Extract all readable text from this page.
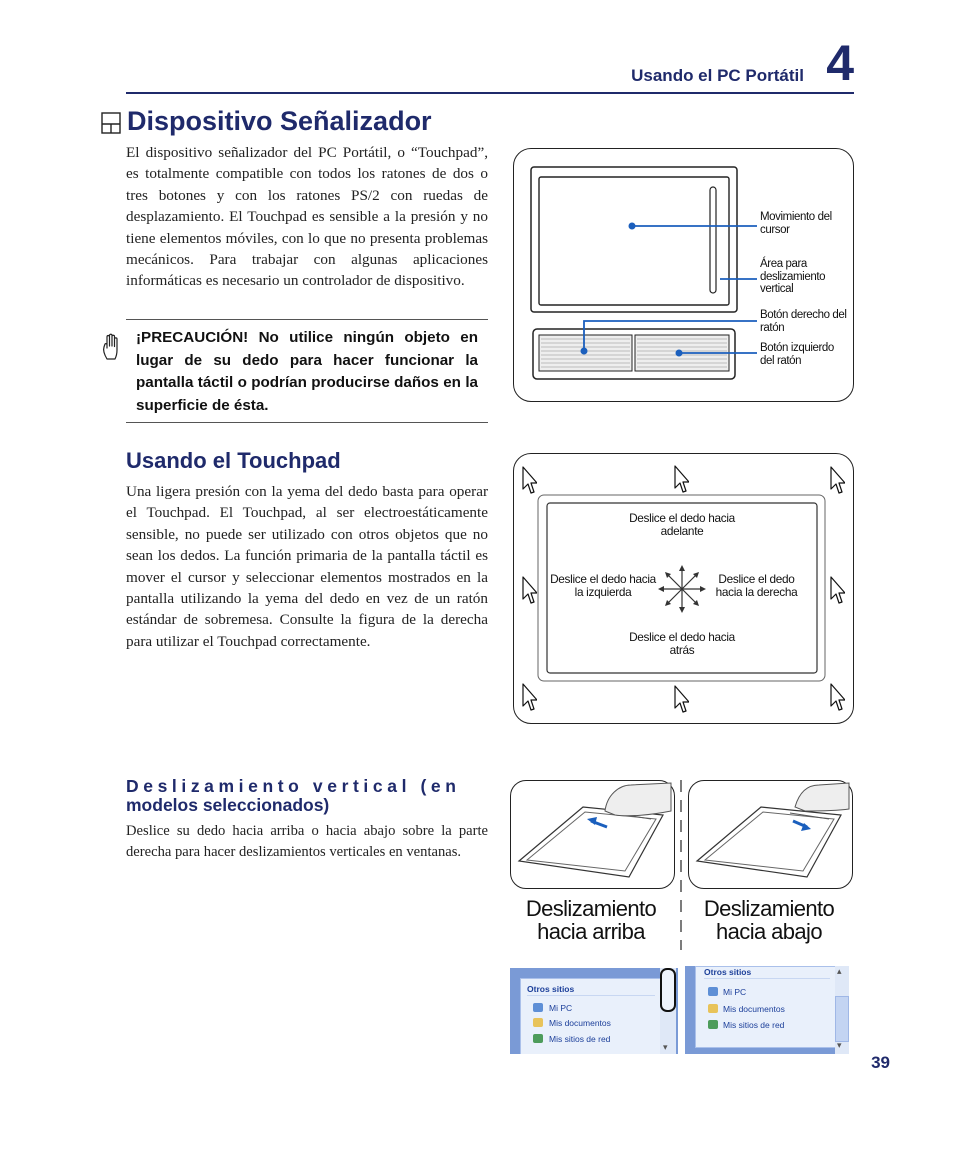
Usando el PC Portátil 4
Dispositivo Señalizador
El dispositivo señalizador del PC Portátil, o “Touchpad”, es totalmente compatible con todos los ratones de dos o tres botones y con los ratones PS/2 con ruedas de desplazamiento. El Touchpad es sensible a la presión y no tiene elementos móviles, con lo que no presenta problemas mecánicos. Para trabajar con algunas aplicaciones informáticas es necesario un controlador de dispositivo.
¡PRECAUCIÓN! No utilice ningún objeto en lugar de su dedo para hacer funcionar la pantalla táctil o podrían producirse daños en la superficie de ésta.
Movimiento del cursor
Área para deslizamiento vertical
Botón derecho del ratón
Botón izquierdo del ratón
Usando el Touchpad
Una ligera presión con la yema del dedo basta para operar el Touchpad. El Touchpad, al ser electroestáticamente sensible, no puede ser utilizado con otros objetos que no sean los dedos. La función primaria de la pantalla táctil es mover el cursor y seleccionar elementos mostrados en la pantalla utilizando la yema del dedo en vez de un ratón estándar de sobremesa. Consulte la figura de la derecha para utilizar el Touchpad correctamente.
Deslice el dedo hacia adelante
Deslice el dedo hacia la izquierda
Deslice el dedo hacia la derecha
Deslice el dedo hacia atrás
Deslizamiento vertical (en
modelos seleccionados)
Deslice su dedo hacia arriba o hacia abajo sobre la parte derecha para hacer deslizamientos verticales en ventanas.
Deslizamiento
hacia arriba
Deslizamiento
hacia abajo
Otros sitios
Mi PC
Mis documentos
Mis sitios de red
▾
Otros sitios
Mi PC
Mis documentos
Mis sitios de red
▴
▾
39
